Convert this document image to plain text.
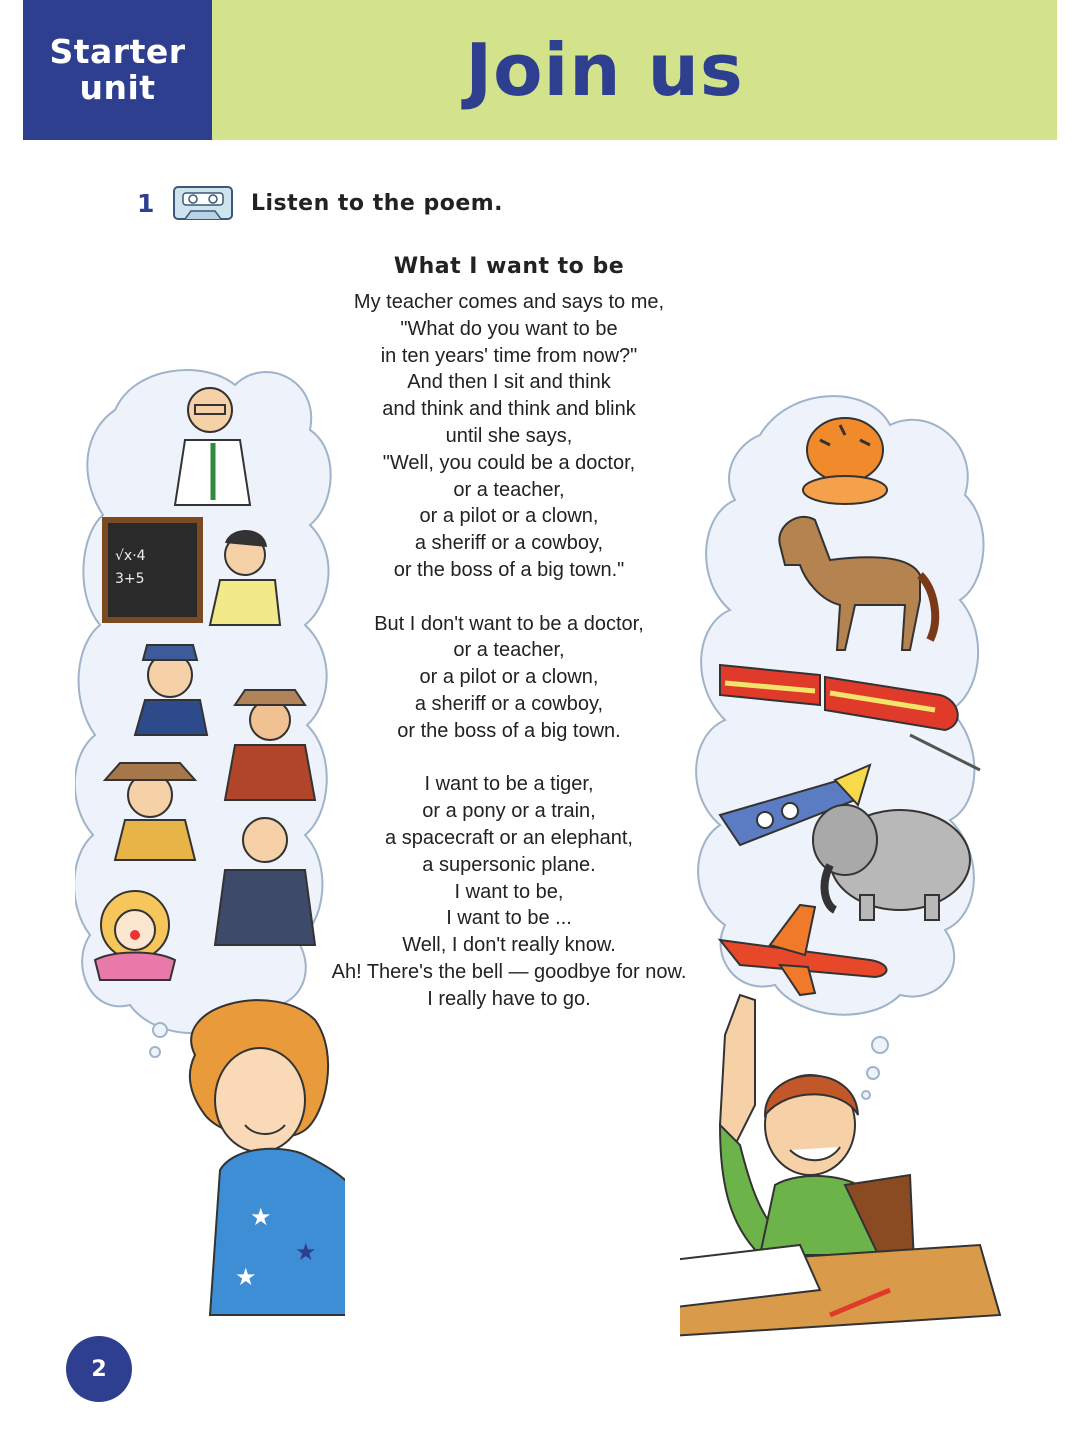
Starter
unit	Join us
1	Listen to the poem.
What I want to be
My teacher comes and says to me,
"What do you want to be
in ten years' time from now?"
And then I sit and think
and think and think and blink
until she says,
"Well, you could be a doctor,
or a teacher,
or a pilot or a clown,
a sheriff or a cowboy,
or the boss of a big town."
But I don't want to be a doctor,
or a teacher,
or a pilot or a clown,
a sheriff or a cowboy,
or the boss of a big town.
I want to be a tiger,
or a pony or a train,
a spacecraft or an elephant,
a supersonic plane.
I want to be,
I want to be ...
Well, I don't really know.
Ah! There's the bell — goodbye for now.
I really have to go.
√x·4
3+5
★
★
★
2
